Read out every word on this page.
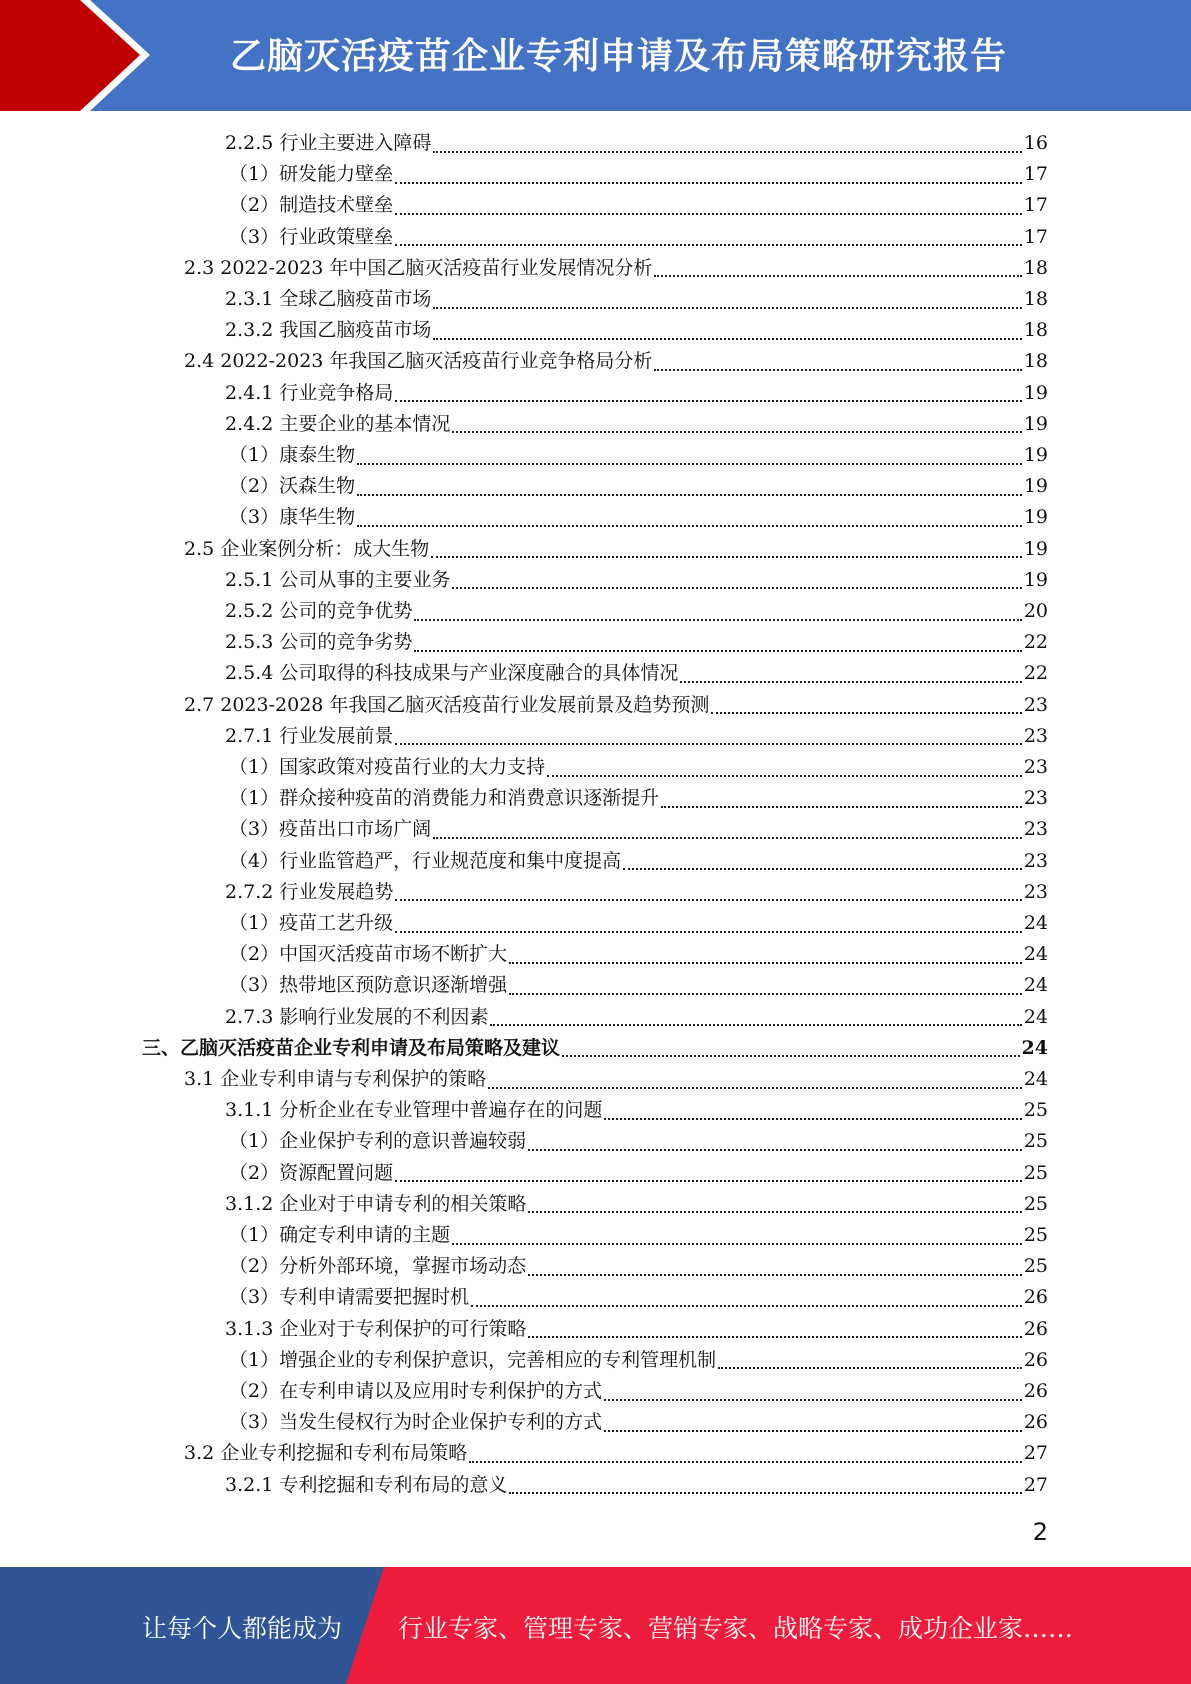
乙脑灭活疫苗企业专利申请及布局策略研究报告
2.2.5 行业主要进入障碍	16
（1）研发能力壁垒	17
（2）制造技术壁垒	17
（3）行业政策壁垒	17
2.3 2022-2023 年中国乙脑灭活疫苗行业发展情况分析	18
2.3.1 全球乙脑疫苗市场	18
2.3.2 我国乙脑疫苗市场	18
2.4 2022-2023 年我国乙脑灭活疫苗行业竞争格局分析	18
2.4.1 行业竞争格局	19
2.4.2 主要企业的基本情况	19
（1）康泰生物	19
（2）沃森生物	19
（3）康华生物	19
2.5 企业案例分析：成大生物	19
2.5.1 公司从事的主要业务	19
2.5.2 公司的竞争优势	20
2.5.3 公司的竞争劣势	22
2.5.4 公司取得的科技成果与产业深度融合的具体情况	22
2.7 2023-2028 年我国乙脑灭活疫苗行业发展前景及趋势预测	23
2.7.1 行业发展前景	23
（1）国家政策对疫苗行业的大力支持	23
（1）群众接种疫苗的消费能力和消费意识逐渐提升	23
（3）疫苗出口市场广阔	23
（4）行业监管趋严，行业规范度和集中度提高	23
2.7.2 行业发展趋势	23
（1）疫苗工艺升级	24
（2）中国灭活疫苗市场不断扩大	24
（3）热带地区预防意识逐渐增强	24
2.7.3 影响行业发展的不利因素	24
三、乙脑灭活疫苗企业专利申请及布局策略及建议	24
3.1 企业专利申请与专利保护的策略	24
3.1.1 分析企业在专业管理中普遍存在的问题	25
（1）企业保护专利的意识普遍较弱	25
（2）资源配置问题	25
3.1.2 企业对于申请专利的相关策略	25
（1）确定专利申请的主题	25
（2）分析外部环境，掌握市场动态	25
（3）专利申请需要把握时机	26
3.1.3 企业对于专利保护的可行策略	26
（1）增强企业的专利保护意识，完善相应的专利管理机制	26
（2）在专利申请以及应用时专利保护的方式	26
（3）当发生侵权行为时企业保护专利的方式	26
3.2 企业专利挖掘和专利布局策略	27
3.2.1 专利挖掘和专利布局的意义	27
2
让每个人都能成为 行业专家、管理专家、营销专家、战略专家、成功企业家……
